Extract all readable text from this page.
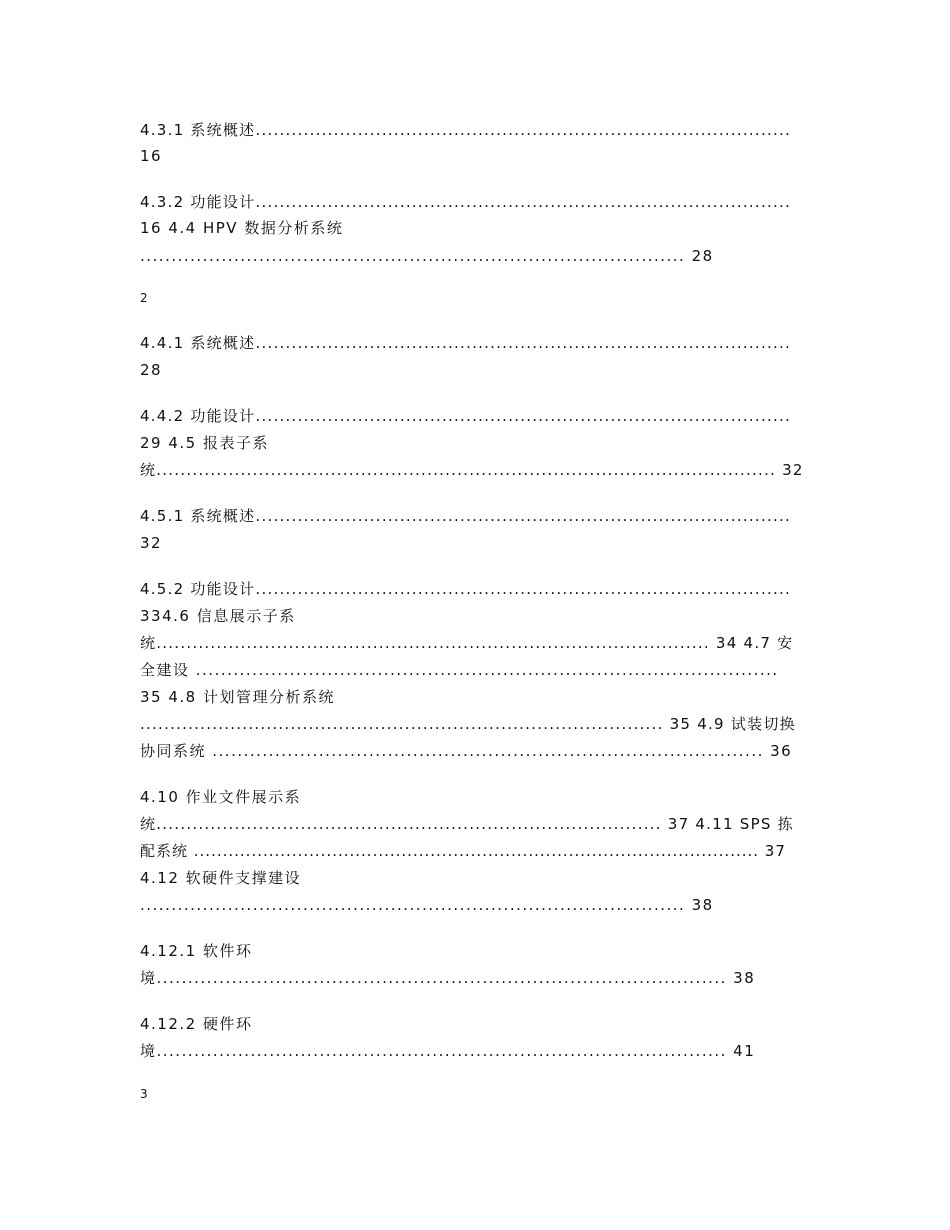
4.3.1 系统概述.........................................................................................
16
4.3.2 功能设计.........................................................................................
16 4.4 HPV 数据分析系统
....................................................................................... 28
2
4.4.1 系统概述.........................................................................................
28
4.4.2 功能设计.........................................................................................
29 4.5 报表子系
统....................................................................................................... 32
4.5.1 系统概述.........................................................................................
32
4.5.2 功能设计.........................................................................................
334.6 信息展示子系
统............................................................................................ 34 4.7 安
全建设 .............................................................................................
35 4.8 计划管理分析系统
....................................................................................... 35 4.9 试装切换
协同系统 ........................................................................................ 36
4.10 作业文件展示系
统.................................................................................... 37 4.11 SPS 拣
配系统 .................................................................................................. 37
4.12 软硬件支撑建设
....................................................................................... 38
4.12.1 软件环
境........................................................................................... 38
4.12.2 硬件环
境........................................................................................... 41
3
